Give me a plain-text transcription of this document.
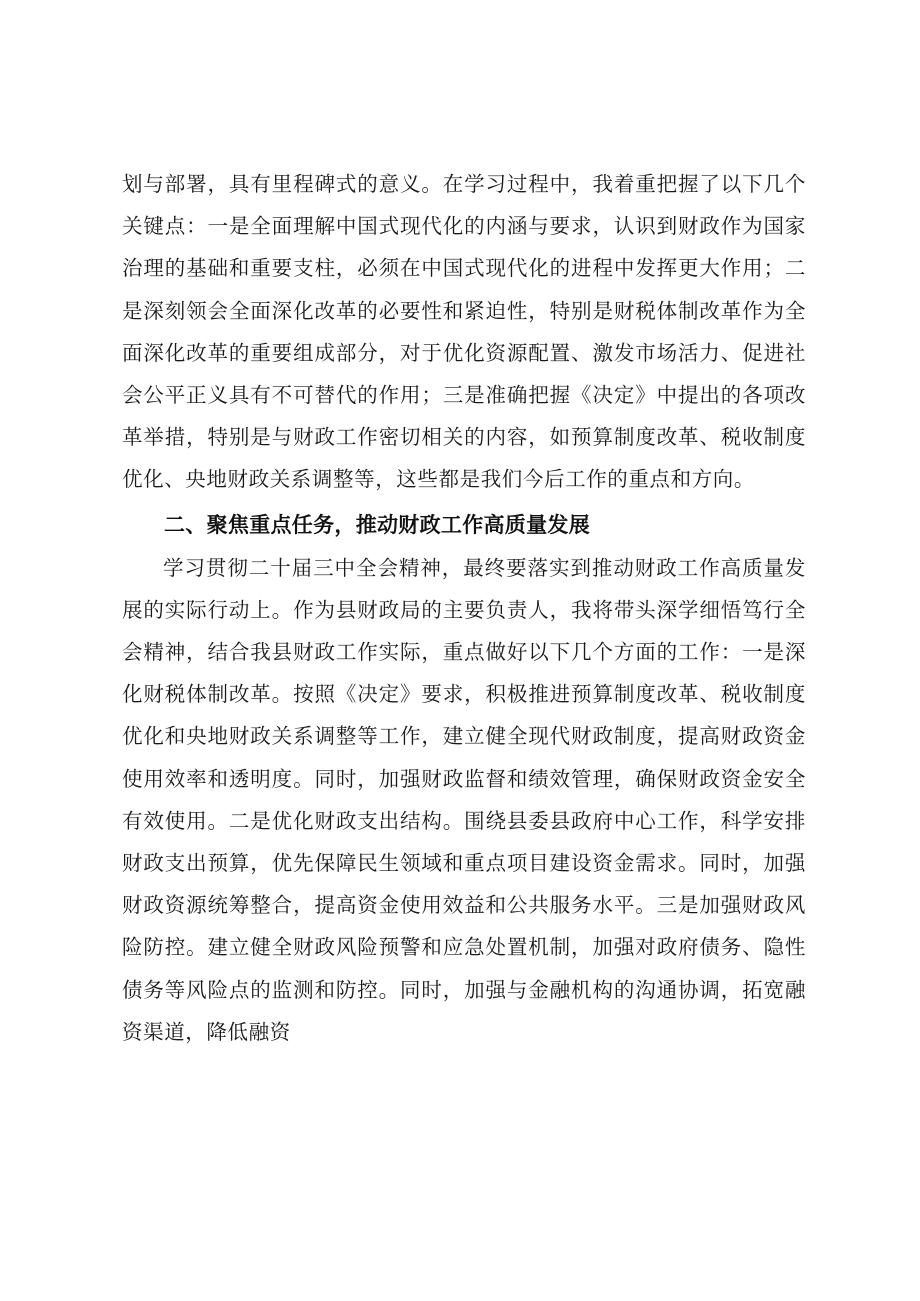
划与部署，具有里程碑式的意义。在学习过程中，我着重把握了以下几个关键点：一是全面理解中国式现代化的内涵与要求，认识到财政作为国家治理的基础和重要支柱，必须在中国式现代化的进程中发挥更大作用；二是深刻领会全面深化改革的必要性和紧迫性，特别是财税体制改革作为全面深化改革的重要组成部分，对于优化资源配置、激发市场活力、促进社会公平正义具有不可替代的作用；三是准确把握《决定》中提出的各项改革举措，特别是与财政工作密切相关的内容，如预算制度改革、税收制度优化、央地财政关系调整等，这些都是我们今后工作的重点和方向。

二、聚焦重点任务，推动财政工作高质量发展

学习贯彻二十届三中全会精神，最终要落实到推动财政工作高质量发展的实际行动上。作为县财政局的主要负责人，我将带头深学细悟笃行全会精神，结合我县财政工作实际，重点做好以下几个方面的工作：一是深化财税体制改革。按照《决定》要求，积极推进预算制度改革、税收制度优化和央地财政关系调整等工作，建立健全现代财政制度，提高财政资金使用效率和透明度。同时，加强财政监督和绩效管理，确保财政资金安全有效使用。二是优化财政支出结构。围绕县委县政府中心工作，科学安排财政支出预算，优先保障民生领域和重点项目建设资金需求。同时，加强财政资源统筹整合，提高资金使用效益和公共服务水平。三是加强财政风险防控。建立健全财政风险预警和应急处置机制，加强对政府债务、隐性债务等风险点的监测和防控。同时，加强与金融机构的沟通协调，拓宽融资渠道，降低融资
